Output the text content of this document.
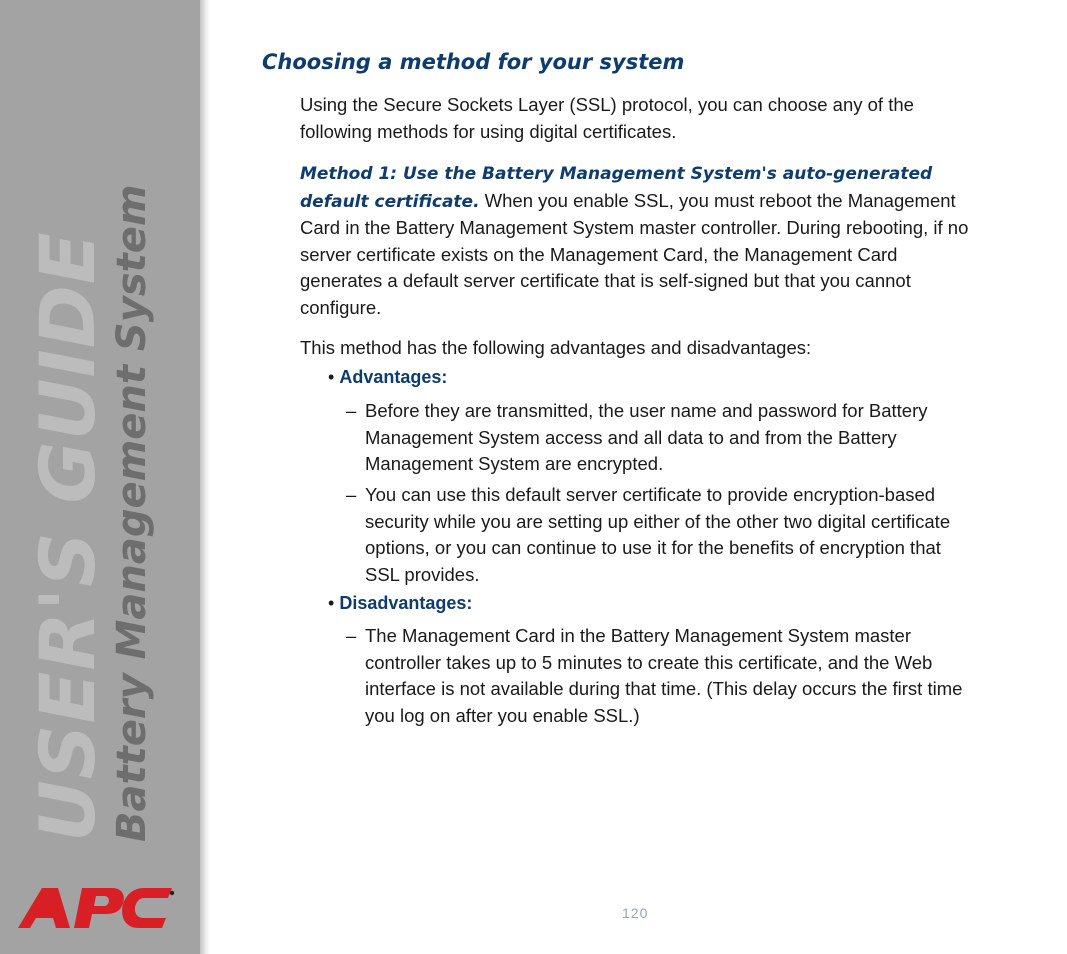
USER'S GUIDE
Battery Management System
Choosing a method for your system
Using the Secure Sockets Layer (SSL) protocol, you can choose any of the following methods for using digital certificates.
Method 1: Use the Battery Management System's auto-generated default certificate. When you enable SSL, you must reboot the Management Card in the Battery Management System master controller. During rebooting, if no server certificate exists on the Management Card, the Management Card generates a default server certificate that is self-signed but that you cannot configure.
This method has the following advantages and disadvantages:
• Advantages:
– Before they are transmitted, the user name and password for Battery Management System access and all data to and from the Battery Management System are encrypted.
– You can use this default server certificate to provide encryption-based security while you are setting up either of the other two digital certificate options, or you can continue to use it for the benefits of encryption that SSL provides.
• Disadvantages:
– The Management Card in the Battery Management System master controller takes up to 5 minutes to create this certificate, and the Web interface is not available during that time. (This delay occurs the first time you log on after you enable SSL.)
120
